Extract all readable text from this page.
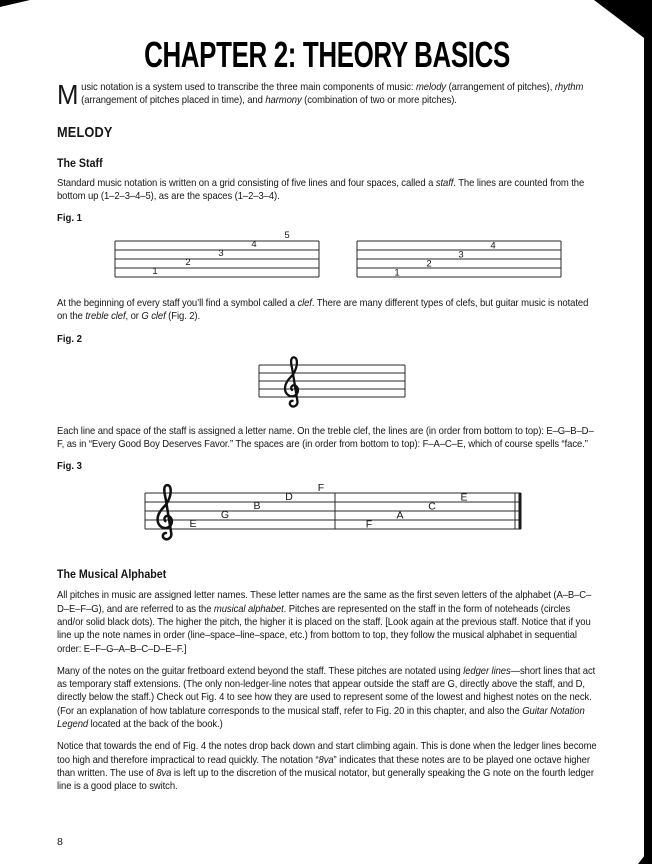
CHAPTER 2: THEORY BASICS

Music notation is a system used to transcribe the three main components of music: melody (arrangement of pitches), rhythm (arrangement of pitches placed in time), and harmony (combination of two or more pitches).

MELODY
The Staff

Standard music notation is written on a grid consisting of five lines and four spaces, called a staff. The lines are counted from the bottom up (1–2–3–4–5), as are the spaces (1–2–3–4).

Fig. 1
1
2
3
4
5
1
2
3
4

At the beginning of every staff you’ll find a symbol called a clef. There are many different types of clefs, but guitar music is notated on the treble clef, or G clef (Fig. 2).

Fig. 2

Each line and space of the staff is assigned a letter name. On the treble clef, the lines are (in order from bottom to top): E–G–B–D–F, as in “Every Good Boy Deserves Favor.” The spaces are (in order from bottom to top): F–A–C–E, which of course spells “face.”

Fig. 3
E
G
B
D
F
F
A
C
E
The Musical Alphabet

All pitches in music are assigned letter names. These letter names are the same as the first seven letters of the alphabet (A–B–C–D–E–F–G), and are referred to as the musical alphabet. Pitches are represented on the staff in the form of noteheads (circles and/or solid black dots). The higher the pitch, the higher it is placed on the staff. [Look again at the previous staff. Notice that if you line up the note names in order (line–space–line–space, etc.) from bottom to top, they follow the musical alphabet in sequential order: E–F–G–A–B–C–D–E–F.]

Many of the notes on the guitar fretboard extend beyond the staff. These pitches are notated using ledger lines—short lines that act as temporary staff extensions. (The only non-ledger-line notes that appear outside the staff are G, directly above the staff, and D, directly below the staff.) Check out Fig. 4 to see how they are used to represent some of the lowest and highest notes on the neck. (For an explanation of how tablature corresponds to the musical staff, refer to Fig. 20 in this chapter, and also the Guitar Notation Legend located at the back of the book.)

Notice that towards the end of Fig. 4 the notes drop back down and start climbing again. This is done when the ledger lines become too high and therefore impractical to read quickly. The notation “8va” indicates that these notes are to be played one octave higher than written. The use of 8va is left up to the discretion of the musical notator, but generally speaking the G note on the fourth ledger line is a good place to switch.

8
